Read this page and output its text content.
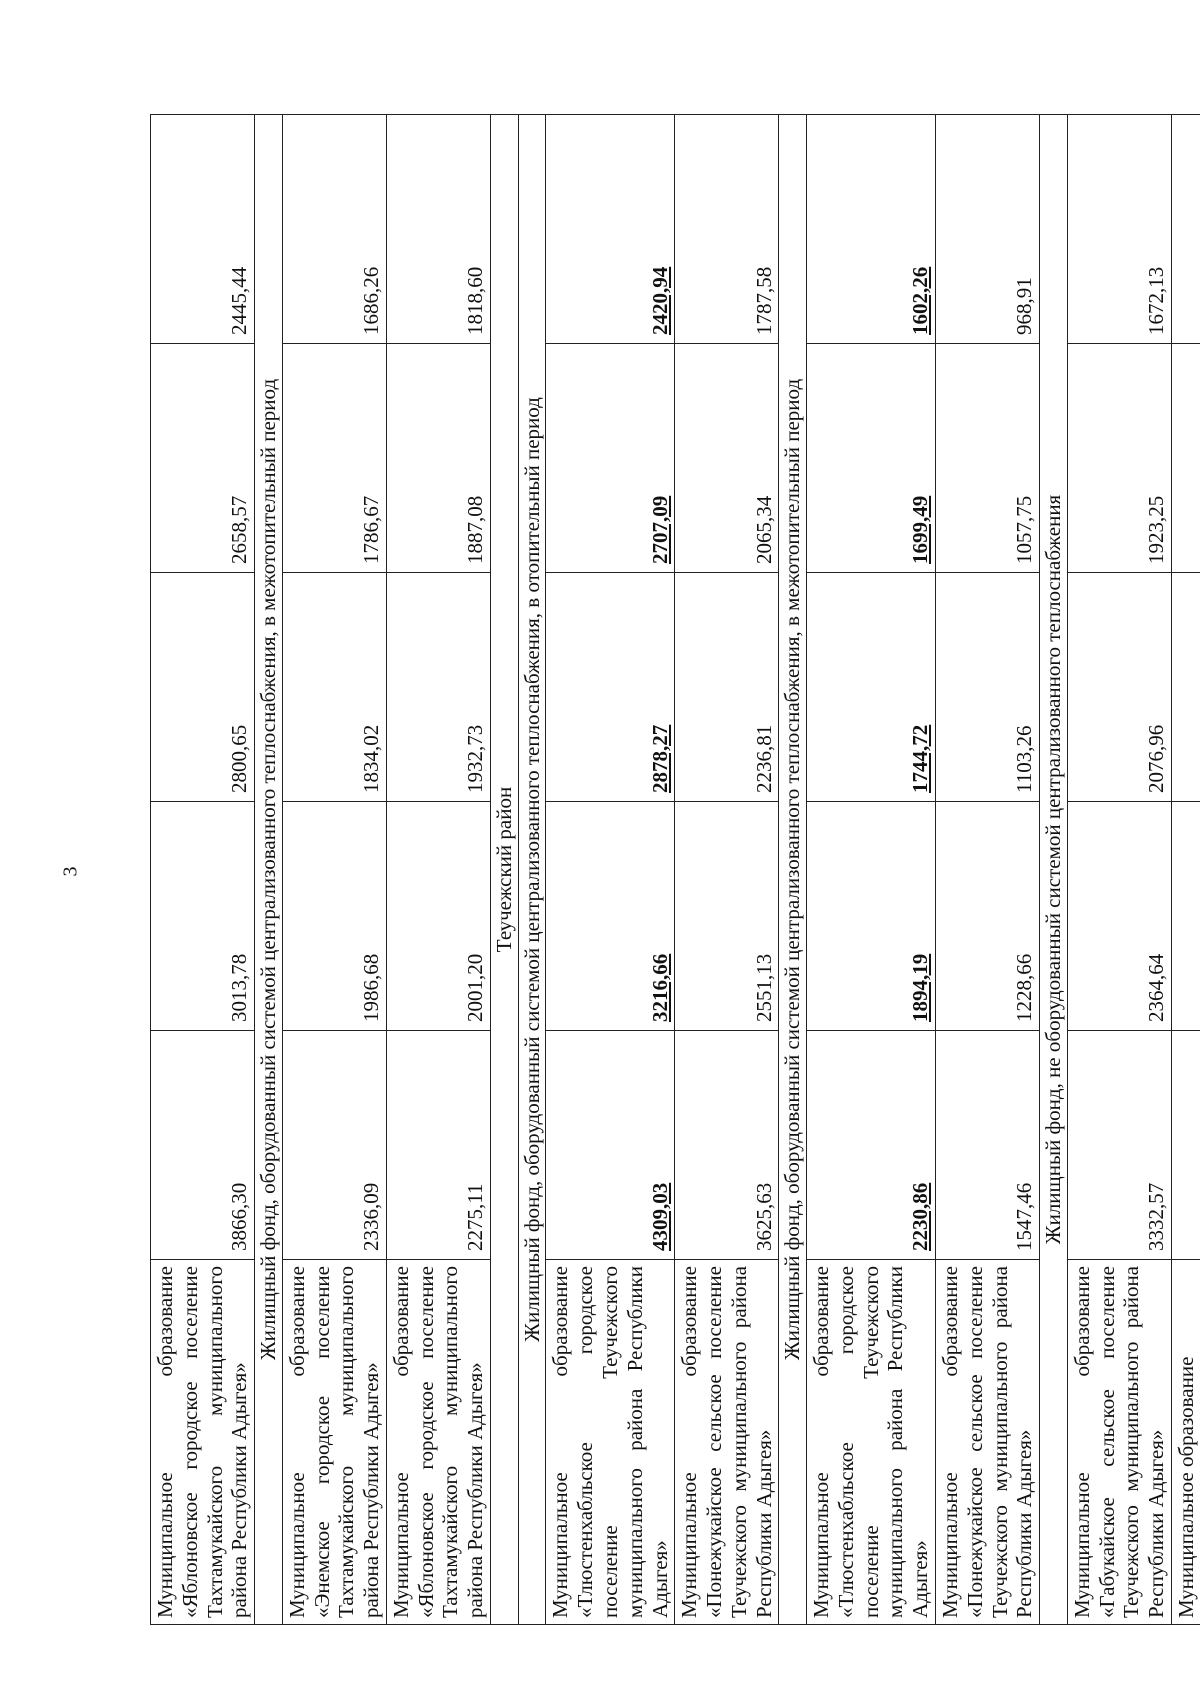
3
Муниципальное образование «Яблоновское городское поселение Тахтамукайского муниципального района Республики Адыгея»	3866,30	3013,78	2800,65	2658,57	2445,44
Жилищный фонд, оборудованный системой централизованного теплоснабжения, в межотопительный период					
Муниципальное образование «Энемское городское поселение Тахтамукайского муниципального района Республики Адыгея»	2336,09	1986,68	1834,02	1786,67	1686,26
Муниципальное образование «Яблоновское городское поселение Тахтамукайского муниципального района Республики Адыгея»	2275,11	2001,20	1932,73	1887,08	1818,60
Теучежский район					
Жилищный фонд, оборудованный системой централизованного теплоснабжения, в отопительный период					
Муниципальное образование «Тлюстенхабльское городское поселение Теучежского муниципального района Республики Адыгея»	4309,03	3216,66	2878,27	2707,09	2420,94
Муниципальное образование «Понежукайское сельское поселение Теучежского муниципального района Республики Адыгея»	3625,63	2551,13	2236,81	2065,34	1787,58
Жилищный фонд, оборудованный системой централизованного теплоснабжения, в межотопительный период					
Муниципальное образование «Тлюстенхабльское городское поселение Теучежского муниципального района Республики Адыгея»	2230,86	1894,19	1744,72	1699,49	1602,26
Муниципальное образование «Понежукайское сельское поселение Теучежского муниципального района Республики Адыгея»	1547,46	1228,66	1103,26	1057,75	968,91
Жилищный фонд, не оборудованный системой централизованного теплоснабжения					
Муниципальное образование «Габукайское сельское поселение Теучежского муниципального района Республики Адыгея»	3332,57	2364,64	2076,96	1923,25	1672,13
Муниципальное образование					
